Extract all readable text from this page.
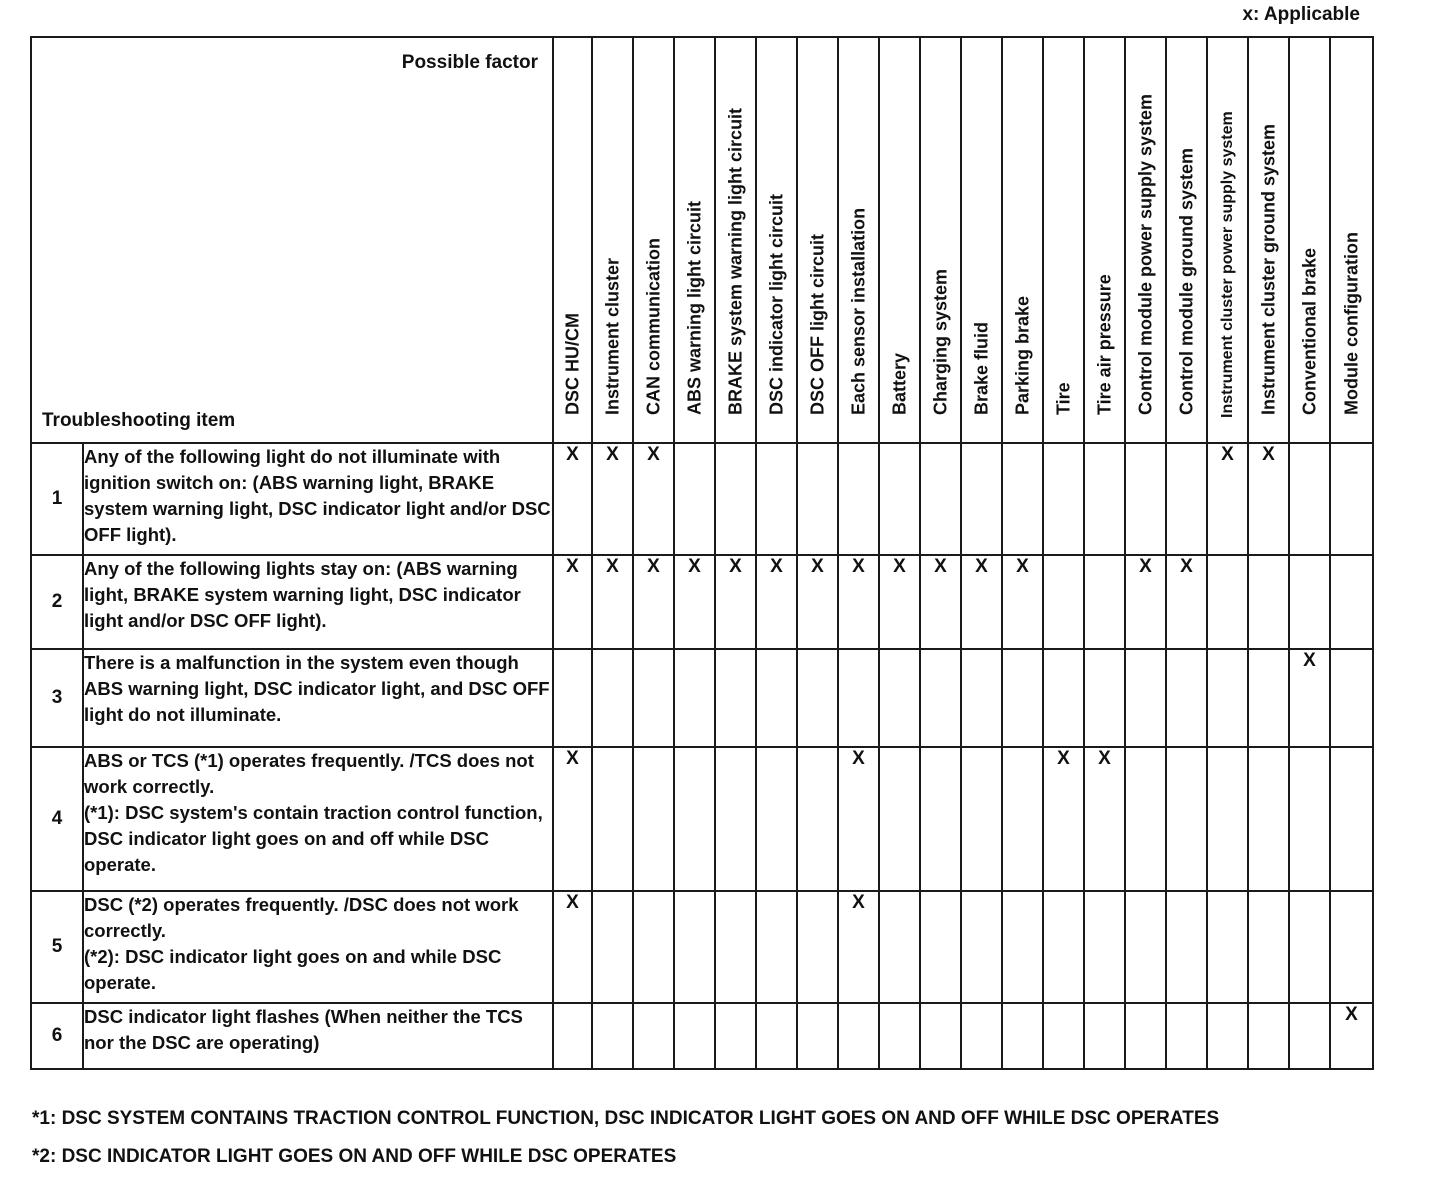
x: Applicable
Possible factor
Troubleshooting item		DSC HU/CM	Instrument cluster	CAN communication	ABS warning light circuit	BRAKE system warning light circuit	DSC indicator light circuit	DSC OFF light circuit	Each sensor installation	Battery	Charging system	Brake fluid	Parking brake	Tire	Tire air pressure	Control module power supply system	Control module ground system	Instrument cluster power supply system	Instrument cluster ground system	Conventional brake	Module configuration

1	Any of the following light do not illuminate with ignition switch on: (ABS warning light, BRAKE system warning light, DSC indicator light and/or DSC OFF light).	X	X	X														X	X		
2	Any of the following lights stay on: (ABS warning light, BRAKE system warning light, DSC indicator light and/or DSC OFF light).	X	X	X	X	X	X	X	X	X	X	X	X			X	X				
3	There is a malfunction in the system even though ABS warning light, DSC indicator light, and DSC OFF light do not illuminate.																			X	
4	ABS or TCS (*1) operates frequently. /TCS does not work correctly.
(*1): DSC system's contain traction control function, DSC indicator light goes on and off while DSC operate.	X							X					X	X						
5	DSC (*2) operates frequently. /DSC does not work correctly.
(*2): DSC indicator light goes on and while DSC operate.	X							X												
6	DSC indicator light flashes (When neither the TCS nor the DSC are operating)																				X
*1: DSC SYSTEM CONTAINS TRACTION CONTROL FUNCTION, DSC INDICATOR LIGHT GOES ON AND OFF WHILE DSC OPERATES
*2: DSC INDICATOR LIGHT GOES ON AND OFF WHILE DSC OPERATES
